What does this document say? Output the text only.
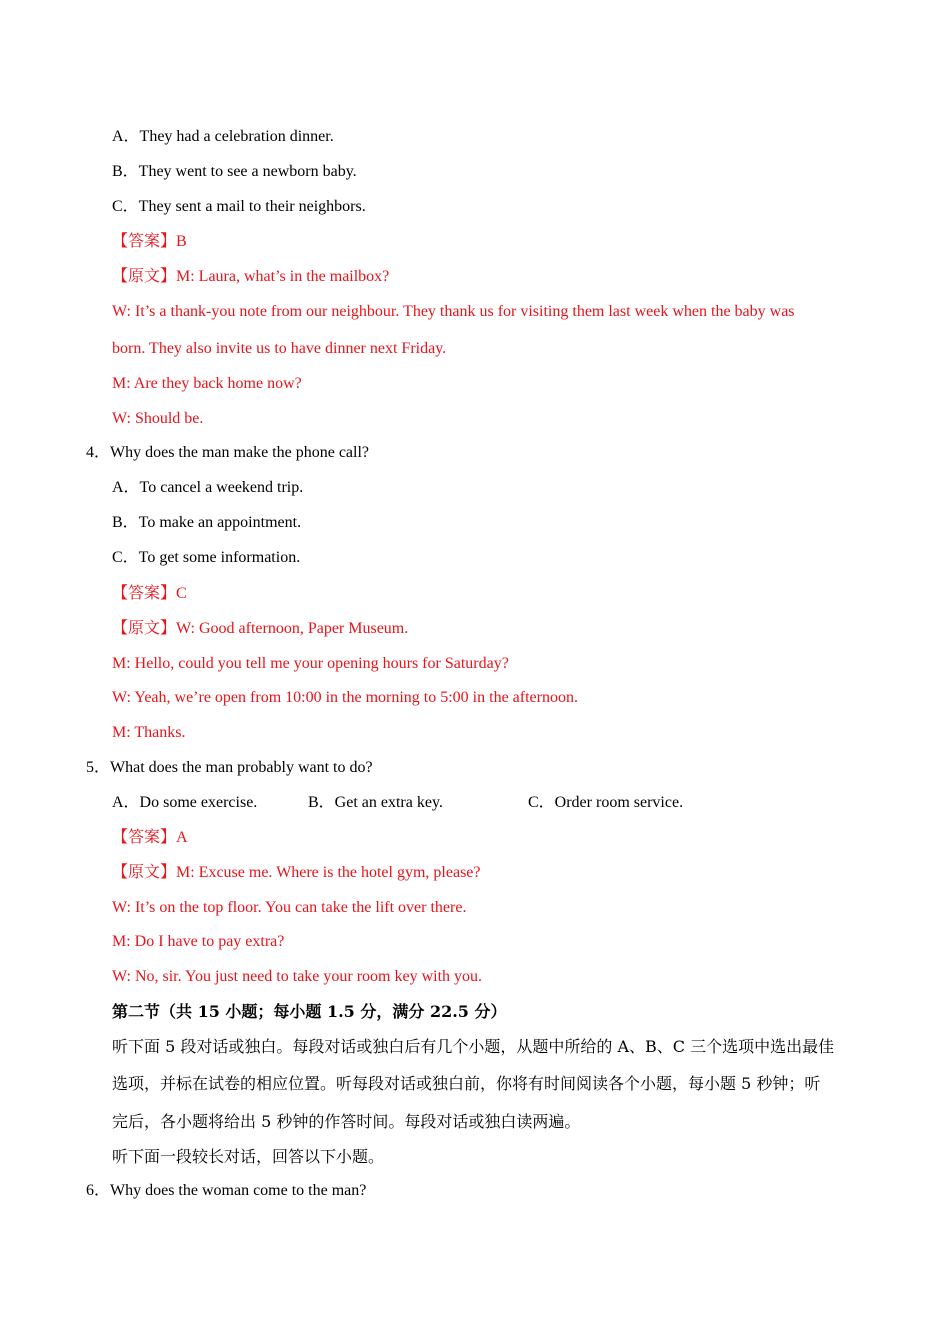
A．They had a celebration dinner.
B．They went to see a newborn baby.
C．They sent a mail to their neighbors.
【答案】B
【原文】M: Laura, what’s in the mailbox?
W: It’s a thank-you note from our neighbour. They thank us for visiting them last week when the baby was
born. They also invite us to have dinner next Friday.
M: Are they back home now?
W: Should be.
4．Why does the man make the phone call?
A．To cancel a weekend trip.
B．To make an appointment.
C．To get some information.
【答案】C
【原文】W: Good afternoon, Paper Museum.
M: Hello, could you tell me your opening hours for Saturday?
W: Yeah, we’re open from 10:00 in the morning to 5:00 in the afternoon.
M: Thanks.
5．What does the man probably want to do?
A．Do some exercise.	B．Get an extra key.	C．Order room service.
【答案】A
【原文】M: Excuse me. Where is the hotel gym, please?
W: It’s on the top floor. You can take the lift over there.
M: Do I have to pay extra?
W: No, sir. You just need to take your room key with you.
第二节（共 15 小题；每小题 1.5 分，满分 22.5 分）
听下面 5 段对话或独白。每段对话或独白后有几个小题，从题中所给的 A、B、C 三个选项中选出最佳
选项，并标在试卷的相应位置。听每段对话或独白前，你将有时间阅读各个小题，每小题 5 秒钟；听
完后，各小题将给出 5 秒钟的作答时间。每段对话或独白读两遍。
听下面一段较长对话，回答以下小题。
6．Why does the woman come to the man?
